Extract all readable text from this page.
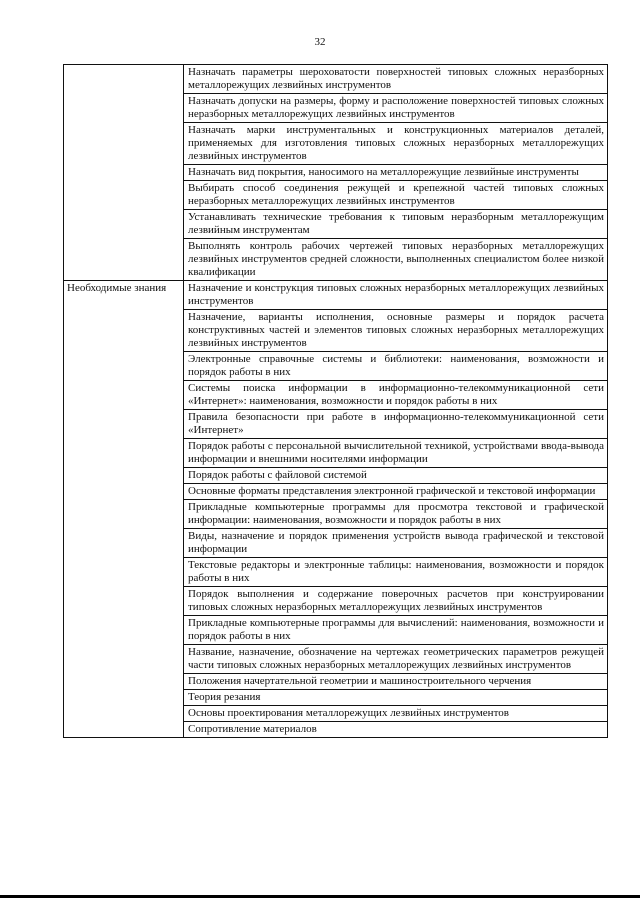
32
	Назначать параметры шероховатости поверхностей типовых сложных неразборных металлорежущих лезвийных инструментов
	Назначать допуски на размеры, форму и расположение поверхностей типовых сложных неразборных металлорежущих лезвийных инструментов
	Назначать марки инструментальных и конструкционных материалов деталей, применяемых для изготовления типовых сложных неразборных металлорежущих лезвийных инструментов
	Назначать вид покрытия, наносимого на металлорежущие лезвийные инструменты
	Выбирать способ соединения режущей и крепежной частей типовых сложных неразборных металлорежущих лезвийных инструментов
	Устанавливать технические требования к типовым неразборным металлорежущим лезвийным инструментам
	Выполнять контроль рабочих чертежей типовых неразборных металлорежущих лезвийных инструментов средней сложности, выполненных специалистом более низкой квалификации
Необходимые знания	Назначение и конструкция типовых сложных неразборных металлорежущих лезвийных инструментов
	Назначение, варианты исполнения, основные размеры и порядок расчета конструктивных частей и элементов типовых сложных неразборных металлорежущих лезвийных инструментов
	Электронные справочные системы и библиотеки: наименования, возможности и порядок работы в них
	Системы поиска информации в информационно-телекоммуникационной сети «Интернет»: наименования, возможности и порядок работы в них
	Правила безопасности при работе в информационно-телекоммуникационной сети «Интернет»
	Порядок работы с персональной вычислительной техникой, устройствами ввода-вывода информации и внешними носителями информации
	Порядок работы с файловой системой
	Основные форматы представления электронной графической и текстовой информации
	Прикладные компьютерные программы для просмотра текстовой и графической информации: наименования, возможности и порядок работы в них
	Виды, назначение и порядок применения устройств вывода графической и текстовой информации
	Текстовые редакторы и электронные таблицы: наименования, возможности и порядок работы в них
	Порядок выполнения и содержание поверочных расчетов при конструировании типовых сложных неразборных металлорежущих лезвийных инструментов
	Прикладные компьютерные программы для вычислений: наименования, возможности и порядок работы в них
	Название, назначение, обозначение на чертежах геометрических параметров режущей части типовых сложных неразборных металлорежущих лезвийных инструментов
	Положения начертательной геометрии и машиностроительного черчения
	Теория резания
	Основы проектирования металлорежущих лезвийных инструментов
	Сопротивление материалов
